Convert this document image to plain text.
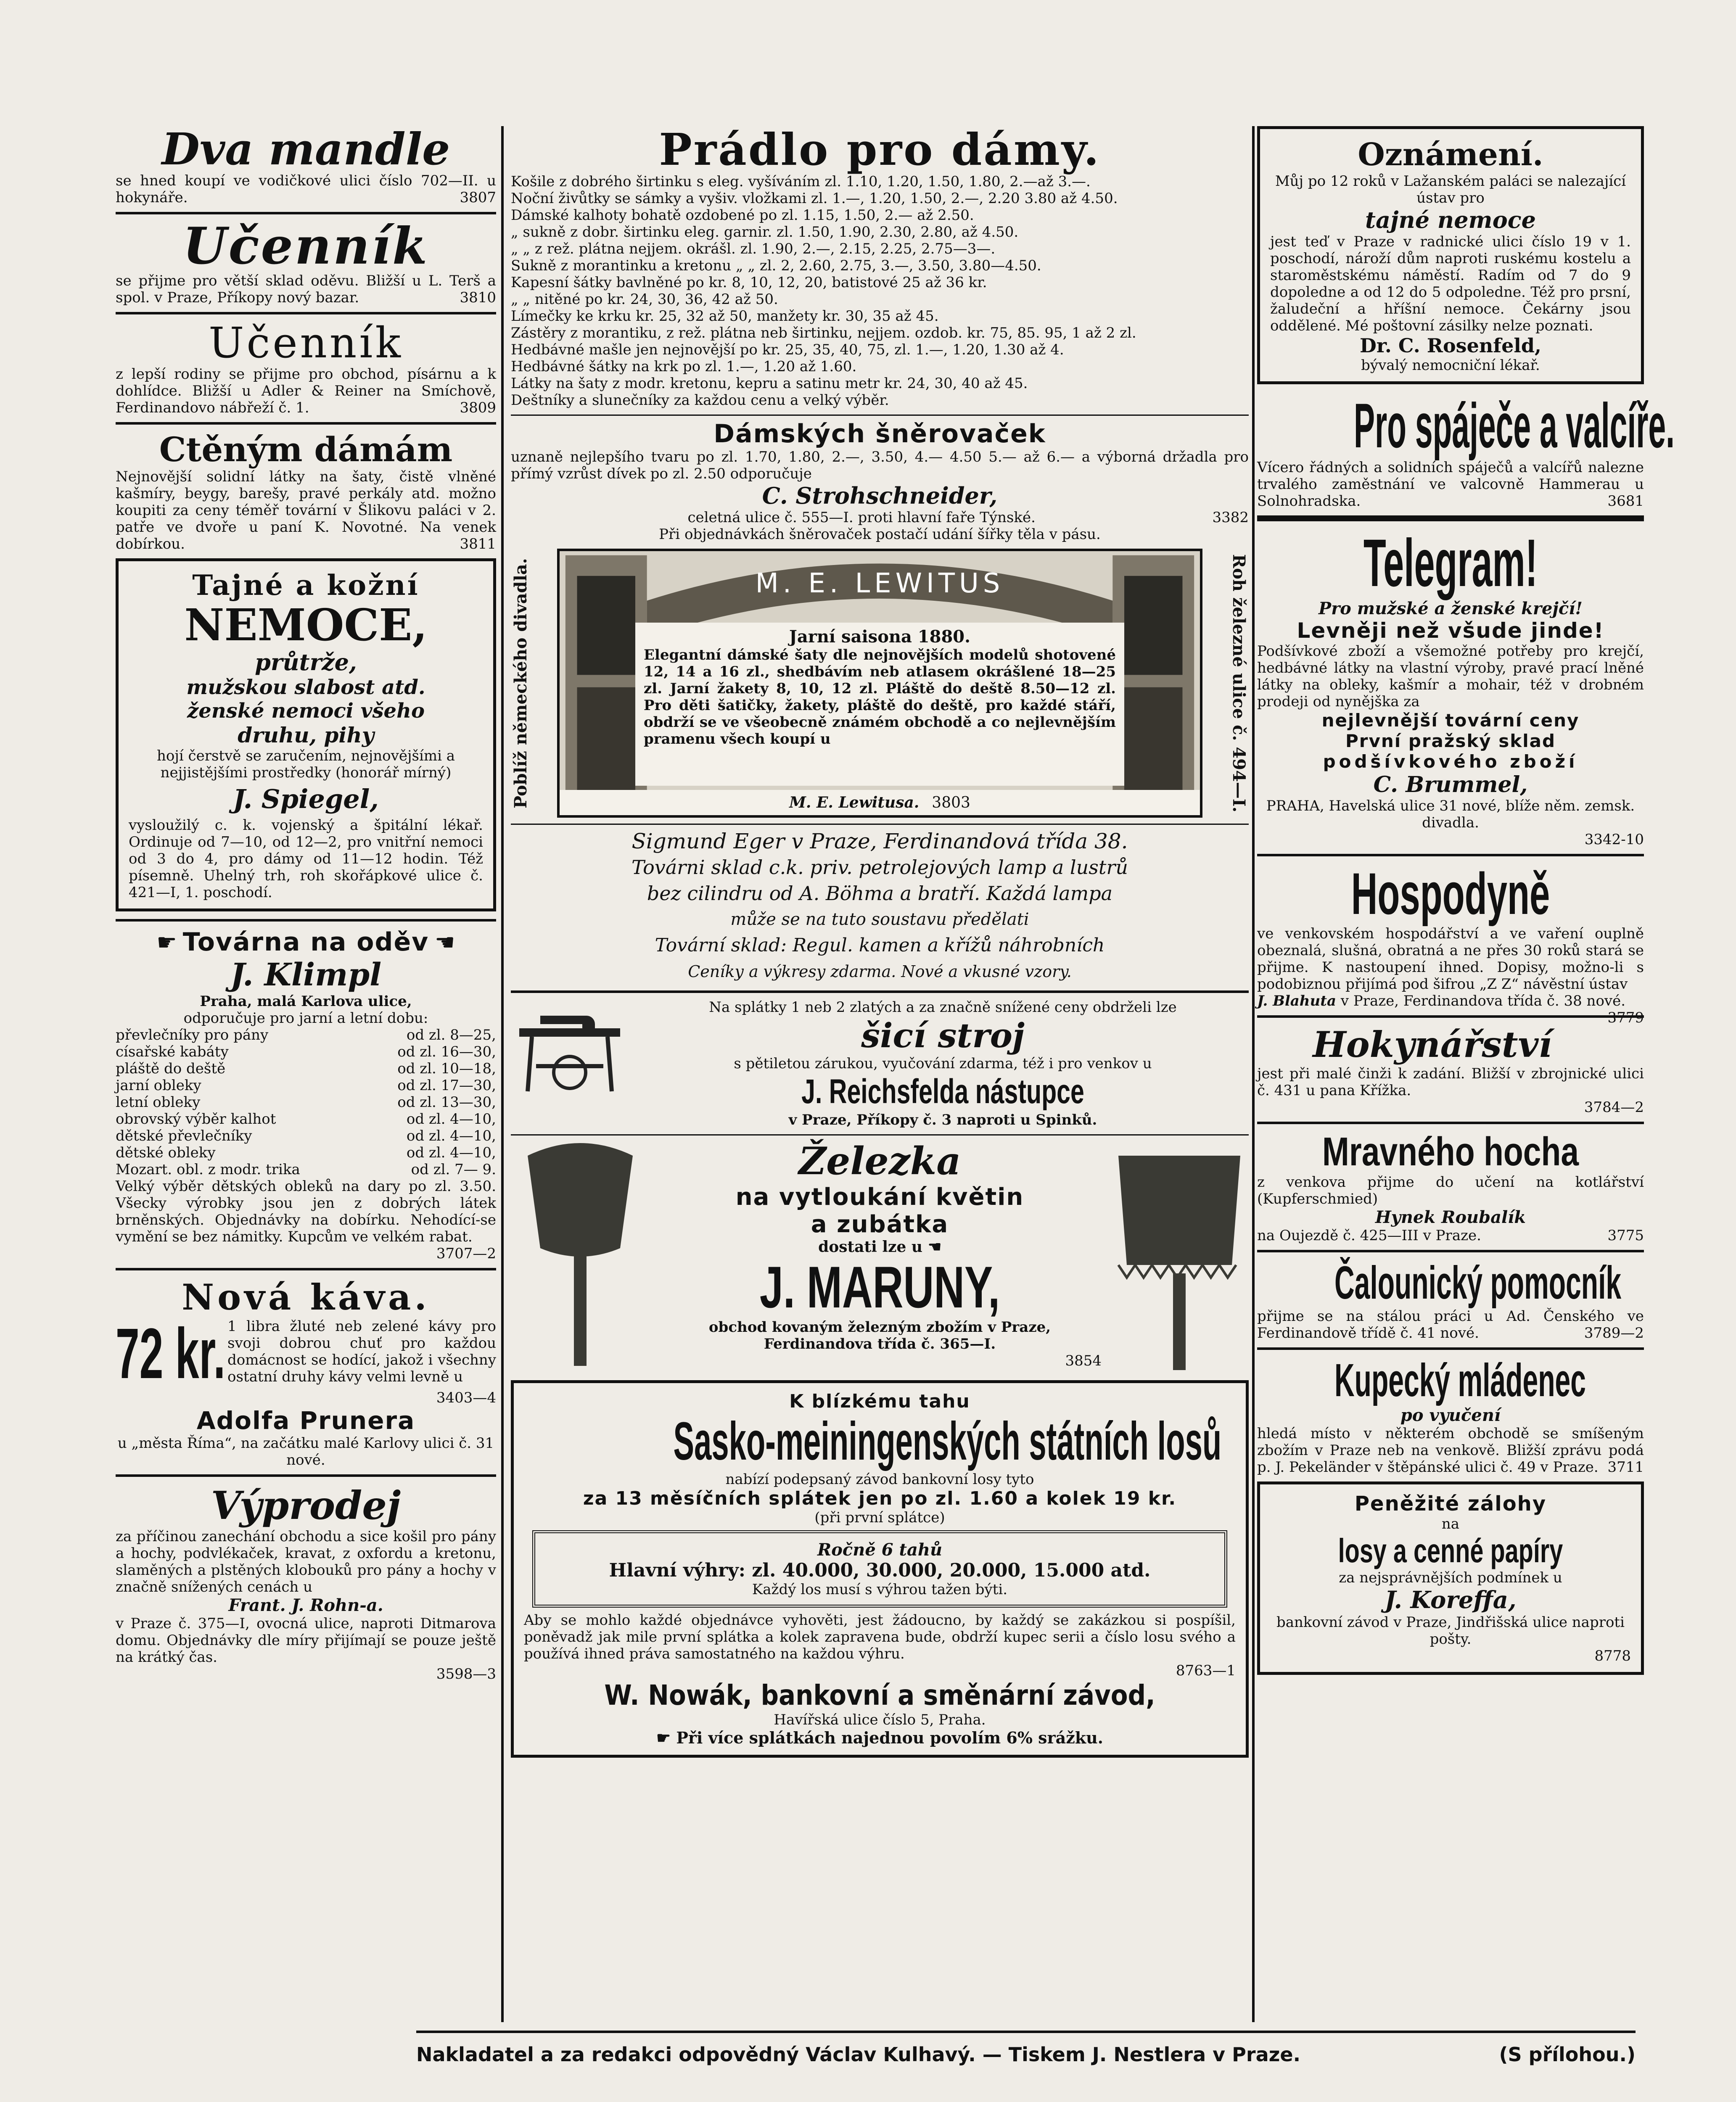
Dva mandle

se hned koupí ve vodičkové ulici číslo 702—II. u hokynáře.	3807

Učenník

se přijme pro větší sklad oděvu. Bližší u L. Terš a spol. v Praze, Příkopy nový bazar.	3810

Učenník

z lepší rodiny se přijme pro obchod, písárnu a k dohlídce. Bližší u Adler & Reiner na Smíchově, Ferdinandovo nábřeží č. 1.	3809

Ctěným dámám

Nejnovější solidní látky na šaty, čistě vlněné kašmíry, beygy, barešy, pravé perkály atd. možno koupiti za ceny téměř tovární v Šlikovu paláci v 2. patře ve dvoře u paní K. Novotné. Na venek dobírkou.	3811

Tajné a kožní
NEMOCE,
průtrže,
mužskou slabost atd.
ženské nemoci všeho
druhu, pihy

hojí čerstvě se zaručením, nejnovějšími a nejjistějšími prostředky (honorář mírný)

J. Spiegel,

vysloužilý c. k. vojenský a špitální lékař. Ordinuje od 7—10, od 12—2, pro vnitřní nemoci od 3 do 4, pro dámy od 11—12 hodin. Též písemně. Uhelný trh, roh skořápkové ulice č. 421—I, 1. poschodí.

☛ Továrna na oděv ☛
J. Klimpl

Praha, malá Karlova ulice,

odporučuje pro jarní a letní dobu:

převlečníky pro pány	od zl. 8—25,
císařské kabáty	od zl. 16—30,
pláště do deště	od zl. 10—18,
jarní obleky	od zl. 17—30,
letní obleky	od zl. 13—30,
obrovský výběr kalhot	od zl. 4—10,
dětské převlečníky	od zl. 4—10,
dětské obleky	od zl. 4—10,
Mozart. obl. z modr. trika	od zl. 7— 9.

Velký výběr dětských obleků na dary po zl. 3.50. Všecky výrobky jsou jen z dobrých látek brněnských. Objednávky na dobírku. Nehodící-se vymění se bez námitky. Kupcům ve velkém rabat.

3707—2

Nová káva.
72 kr. 1 libra žluté neb zelené kávy pro svoji dobrou chuť pro každou domácnost se hodící, jakož i všechny ostatní druhy kávy velmi levně u

3403—4

Adolfa Prunera

u „města Říma“, na začátku malé Karlovy ulici č. 31 nové.

Výprodej

za příčinou zanechání obchodu a sice košil pro pány a hochy, podvlékaček, kravat, z oxfordu a kretonu, slaměných a plstěných klobouků pro pány a hochy v značně snížených cenách u

Frant. J. Rohn-a.

v Praze č. 375—I, ovocná ulice, naproti Ditmarova domu. Objednávky dle míry přijímají se pouze ještě na krátký čas.

3598—3

Prádlo pro dámy.

Košile z dobrého širtinku s eleg. vyšíváním zl. 1.10, 1.20, 1.50, 1.80, 2.—až 3.—.

Noční živůtky se sámky a vyšiv. vložkami zl. 1.—, 1.20, 1.50, 2.—, 2.20 3.80 až 4.50.

Dámské kalhoty bohatě ozdobené po zl. 1.15, 1.50, 2.— až 2.50.

„ sukně z dobr. širtinku eleg. garnir. zl. 1.50, 1.90, 2.30, 2.80, až 4.50.

„ „ z rež. plátna nejjem. okrášl. zl. 1.90, 2.—, 2.15, 2.25, 2.75—3—.

Sukně z morantinku a kretonu „ „ zl. 2, 2.60, 2.75, 3.—, 3.50, 3.80—4.50.

Kapesní šátky bavlněné po kr. 8, 10, 12, 20, batistové 25 až 36 kr.

„ „ nitěné po kr. 24, 30, 36, 42 až 50.

Límečky ke krku kr. 25, 32 až 50, manžety kr. 30, 35 až 45.

Zástěry z morantiku, z rež. plátna neb širtinku, nejjem. ozdob. kr. 75, 85. 95, 1 až 2 zl.

Hedbávné mašle jen nejnovější po kr. 25, 35, 40, 75, zl. 1.—, 1.20, 1.30 až 4.

Hedbávné šátky na krk po zl. 1.—, 1.20 až 1.60.

Látky na šaty z modr. kretonu, kepru a satinu metr kr. 24, 30, 40 až 45.

Deštníky a slunečníky za každou cenu a velký výběr.

Dámských šněrovaček

uznaně nejlepšího tvaru po zl. 1.70, 1.80, 2.—, 3.50, 4.— 4.50 5.— až 6.— a výborná držadla pro přímý vzrůst dívek po zl. 2.50 odporučuje

C. Strohschneider,
celetná ulice č. 555—I. proti hlavní faře Týnské.	3382

Při objednávkách šněrovaček postačí udání šířky těla v pásu.

Poblíž německého divadla.	M. E. LEWITUS
Jarní saisona 1880.

Elegantní dámské šaty dle nejnovějších modelů shotovené 12, 14 a 16 zl., shedbávím neb atlasem okrášlené 18—25 zl. Jarní žakety 8, 10, 12 zl. Pláště do deště 8.50—12 zl. Pro děti šatičky, žakety, pláště do deště, pro každé stáří, obdrží se ve všeobecně známém obchodě a co nejlevnějším pramenu všech koupí u

M. E. Lewitusa. 3803	Roh železné ulice č. 494—I.
Sigmund Eger v Praze, Ferdinandová třída 38.
Továrni sklad c.k. priv. petrolejových lamp a lustrů
bez cilindru od A. Böhma a bratří. Každá lampa
může se na tuto soustavu předělati
Tovární sklad: Regul. kamen a křížů náhrobních
Ceníky a výkresy zdarma. Nové a vkusné vzory.

Na splátky 1 neb 2 zlatých a za značně snížené ceny obdrželi lze

šicí stroj

s pětiletou zárukou, vyučování zdarma, též i pro venkov u

J. Reichsfelda nástupce

v Praze, Příkopy č. 3 naproti u Spinků.

Železka
na vytloukání květin
a zubátka
dostati lze u ☛
J. MARUNY,

obchod kovaným železným zbožím v Praze, Ferdinandova třída č. 365—I.

3854

K blízkému tahu
Sasko-meiningenských státních losů

nabízí podepsaný závod bankovní losy tyto

za 13 měsíčních splátek jen po zl. 1.60 a kolek 19 kr.

(při první splátce)

Ročně 6 tahů
Hlavní výhry: zl. 40.000, 30.000, 20.000, 15.000 atd.

Každý los musí s výhrou tažen býti.

Aby se mohlo každé objednávce vyhověti, jest žádoucno, by každý se zakázkou si pospíšil, poněvadž jak mile první splátka a kolek zapravena bude, obdrží kupec serii a číslo losu svého a používá ihned práva samostatného na každou výhru.

8763—1

W. Nowák, bankovní a směnární závod,

Havířská ulice číslo 5, Praha.

☛ Při více splátkách najednou povolím 6% srážku.
Oznámení.

Můj po 12 roků v Lažanském paláci se nalezající ústav pro

tajné nemoce

jest teď v Praze v radnické ulici číslo 19 v 1. poschodí, nároží dům naproti ruskému kostelu a staroměstskému náměstí. Radím od 7 do 9 dopoledne a od 12 do 5 odpoledne. Též pro prsní, žaludeční a hříšní nemoce. Čekárny jsou oddělené. Mé poštovní zásilky nelze poznati.

Dr. C. Rosenfeld,

bývalý nemocniční lékař.

Pro spáječe a valcíře.

Vícero řádných a solidních spáječů a valcířů nalezne trvalého zaměstnání ve valcovně Hammerau u Solnohradska.	3681

Telegram!
Pro mužské a ženské krejčí!
Levněji než všude jinde!

Podšívkové zboží a všemožné potřeby pro krejčí, hedbávné látky na vlastní výroby, pravé prací lněné látky na obleky, kašmír a mohair, též v drobném prodeji od nynějška za

nejlevnější tovární ceny
První pražský sklad
podšívkového zboží
C. Brummel,

PRAHA, Havelská ulice 31 nové, blíže něm. zemsk. divadla.

3342-10

Hospodyně

ve venkovském hospodářství a ve vaření ouplně obeznalá, slušná, obratná a ne přes 30 roků stará se přijme. K nastoupení ihned. Dopisy, možno-li s podobiznou přijímá pod šifrou „Z Z“ návěstní ústav

J. Blahuta v Praze, Ferdinandova třída č. 38 nové.
3779
Hokynářství

jest při malé činži k zadání. Bližší v zbrojnické ulici č. 431 u pana Křížka.

3784—2

Mravného hocha

z venkova přijme do učení na kotlářství (Kupferschmied)

Hynek Roubalík
na Oujezdě č. 425—III v Praze.	3775
Čalounický pomocník

přijme se na stálou práci u Ad. Čenského ve Ferdinandově třídě č. 41 nové.	3789—2

Kupecký mládenec
po vyučení

hledá místo v některém obchodě se smíšeným zbožím v Praze neb na venkově. Bližší zprávu podá p. J. Pekeländer v štěpánské ulici č. 49 v Praze. 3711

Peněžité zálohy

na

losy a cenné papíry

za nejsprávnějších podmínek u

J. Koreffa,

bankovní závod v Praze, Jindřišská ulice naproti pošty.

8778

Nakladatel a za redakci odpovědný Václav Kulhavý. — Tiskem J. Nestlera v Praze.	(S přílohou.)
